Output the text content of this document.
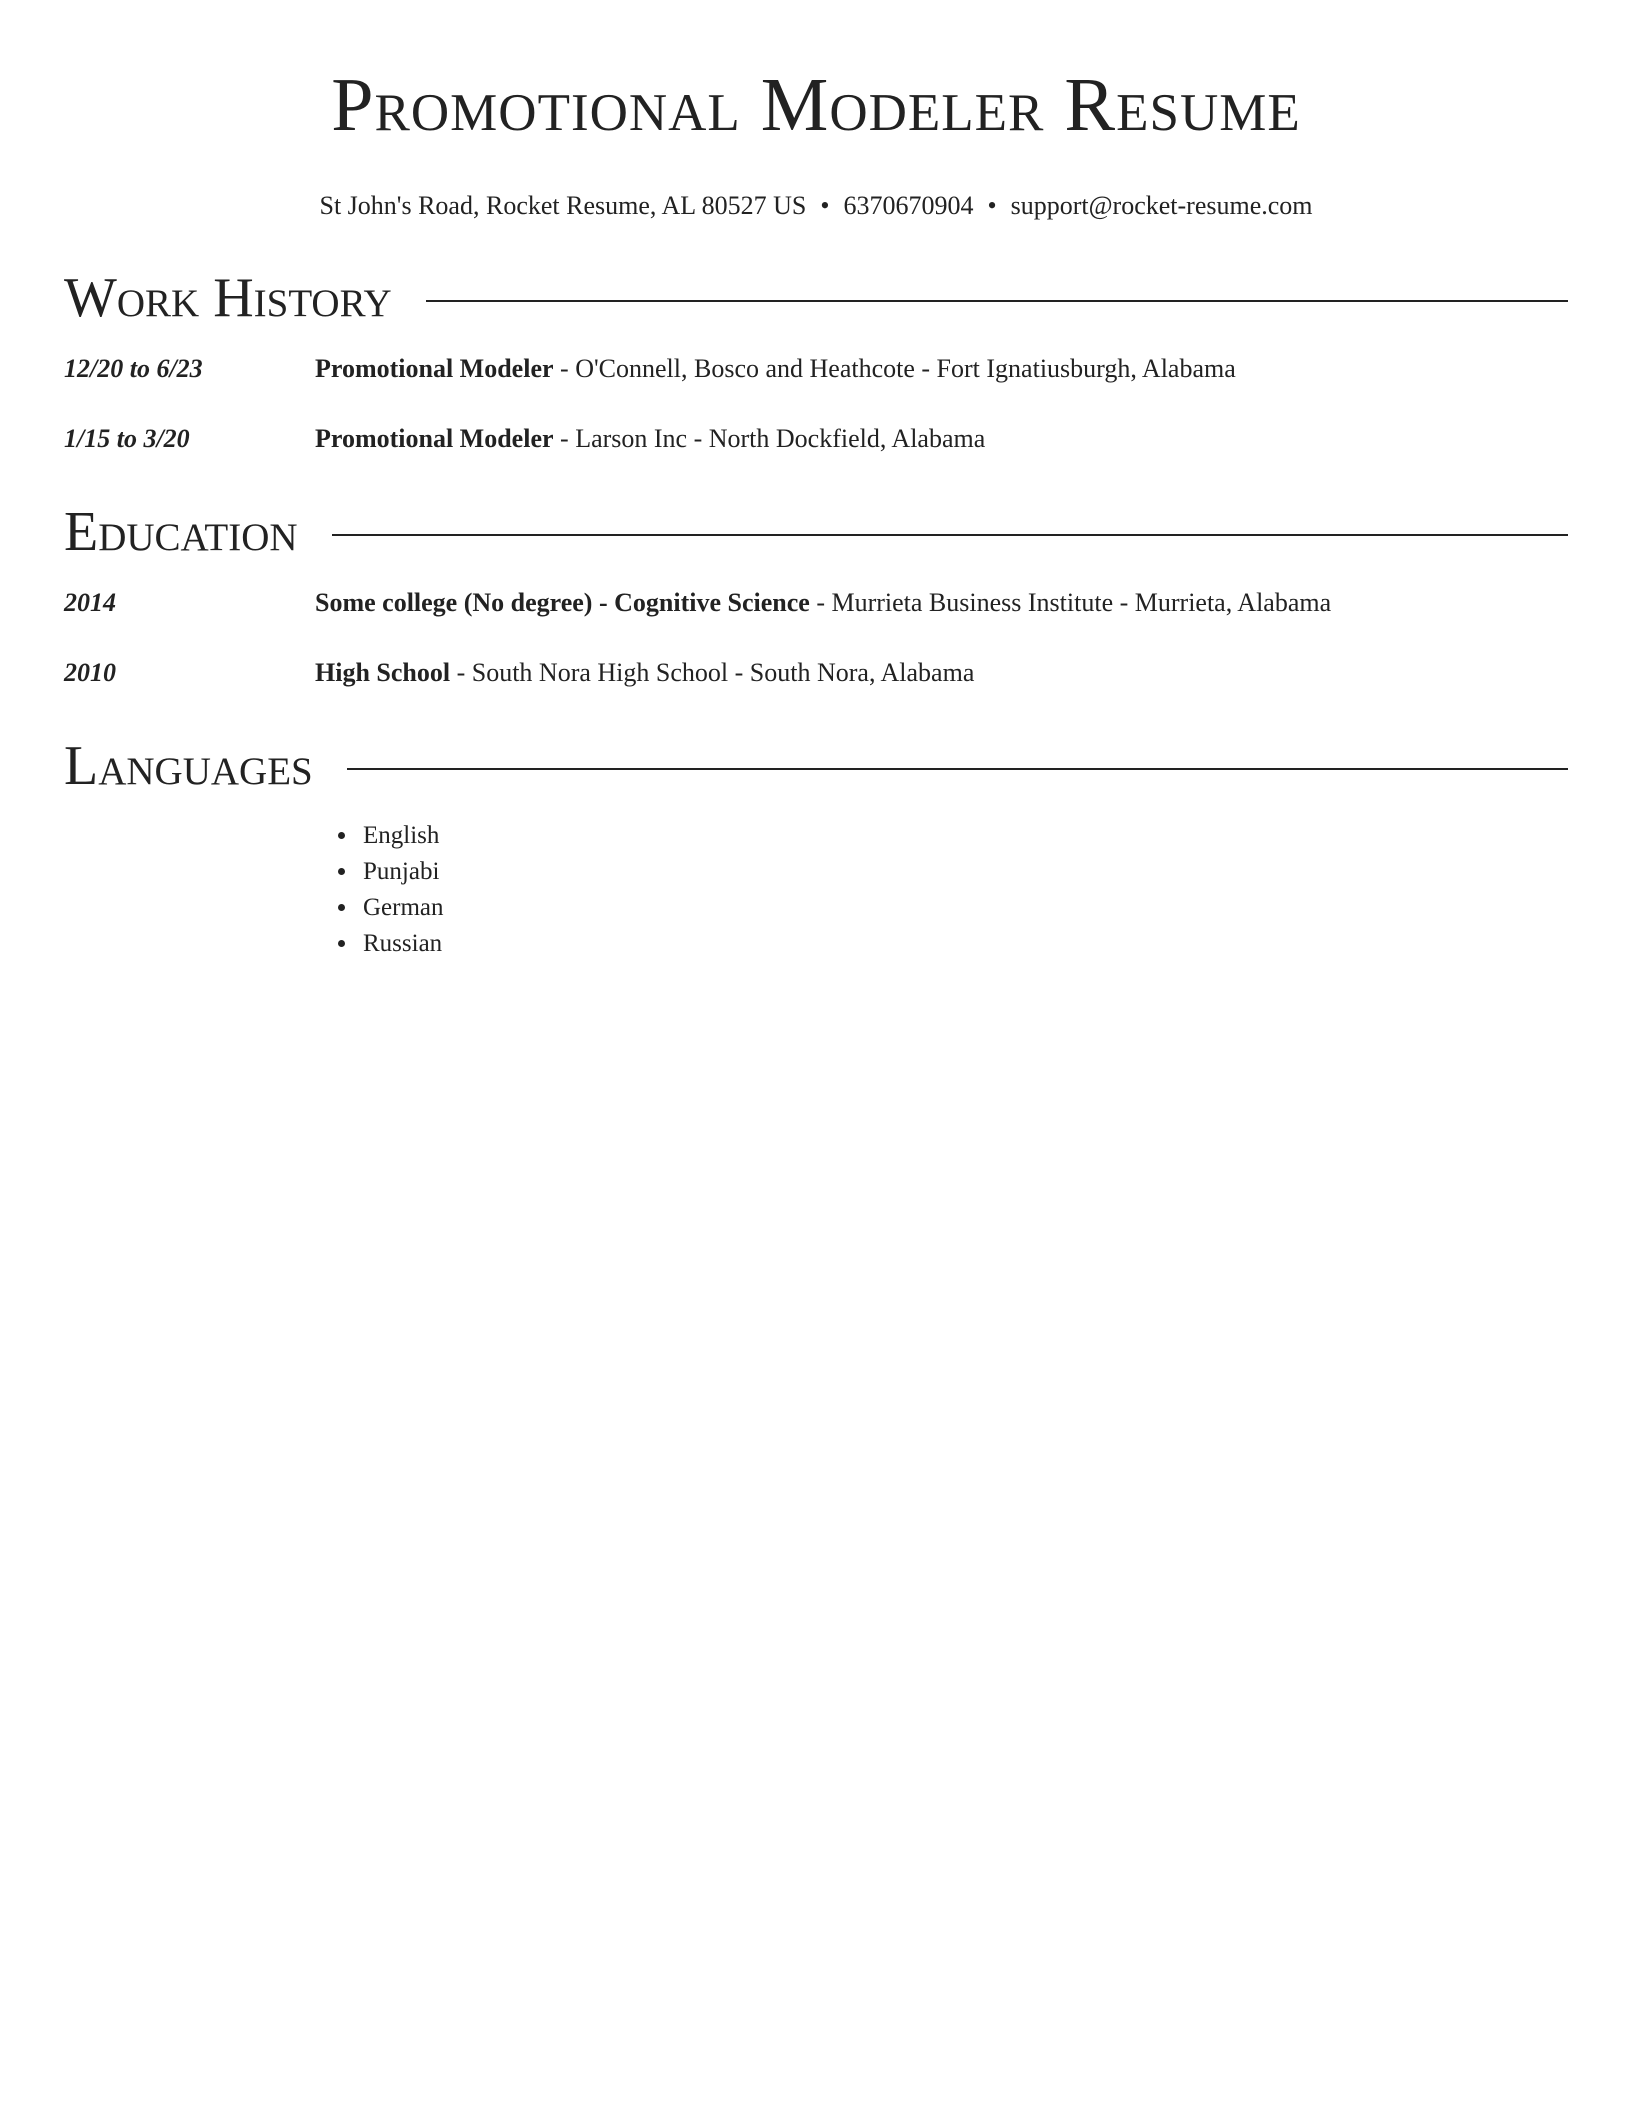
Promotional Modeler Resume
St John's Road, Rocket Resume, AL 80527 US • 6370670904 • support@rocket-resume.com
Work History
12/20 to 6/23	Promotional Modeler - O'Connell, Bosco and Heathcote - Fort Ignatiusburgh, Alabama
1/15 to 3/20	Promotional Modeler - Larson Inc - North Dockfield, Alabama
Education
2014	Some college (No degree) - Cognitive Science - Murrieta Business Institute - Murrieta, Alabama
2010	High School - South Nora High School - South Nora, Alabama
Languages
• English
• Punjabi
• German
• Russian
